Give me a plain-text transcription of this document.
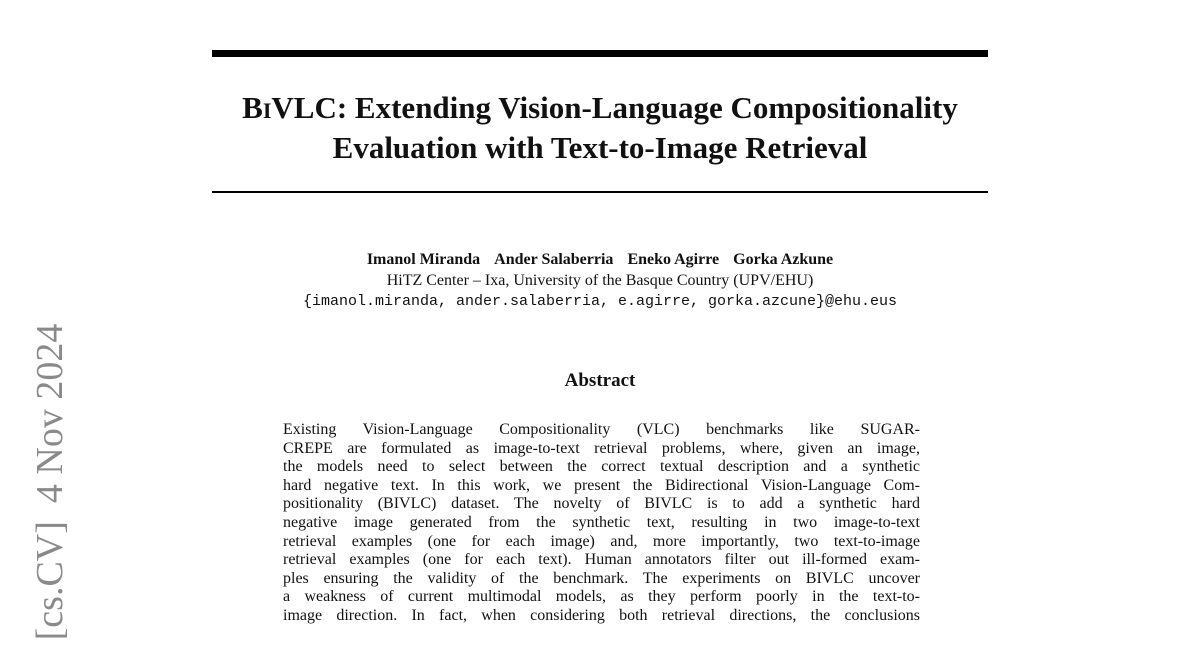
BiVLC: Extending Vision-Language Compositionality
Evaluation with Text-to-Image Retrieval
Imanol Miranda Ander Salaberria Eneko Agirre Gorka Azkune
HiTZ Center – Ixa, University of the Basque Country (UPV/EHU)
{imanol.miranda, ander.salaberria, e.agirre, gorka.azcune}@ehu.eus
Abstract
Existing Vision-Language Compositionality (VLC) benchmarks like SUGAR-
CREPE are formulated as image-to-text retrieval problems, where, given an image,
the models need to select between the correct textual description and a synthetic
hard negative text. In this work, we present the Bidirectional Vision-Language Com-
positionality (BIVLC) dataset. The novelty of BIVLC is to add a synthetic hard
negative image generated from the synthetic text, resulting in two image-to-text
retrieval examples (one for each image) and, more importantly, two text-to-image
retrieval examples (one for each text). Human annotators filter out ill-formed exam-
ples ensuring the validity of the benchmark. The experiments on BIVLC uncover
a weakness of current multimodal models, as they perform poorly in the text-to-
image direction. In fact, when considering both retrieval directions, the conclusions
[cs.CV]4 Nov 2024
